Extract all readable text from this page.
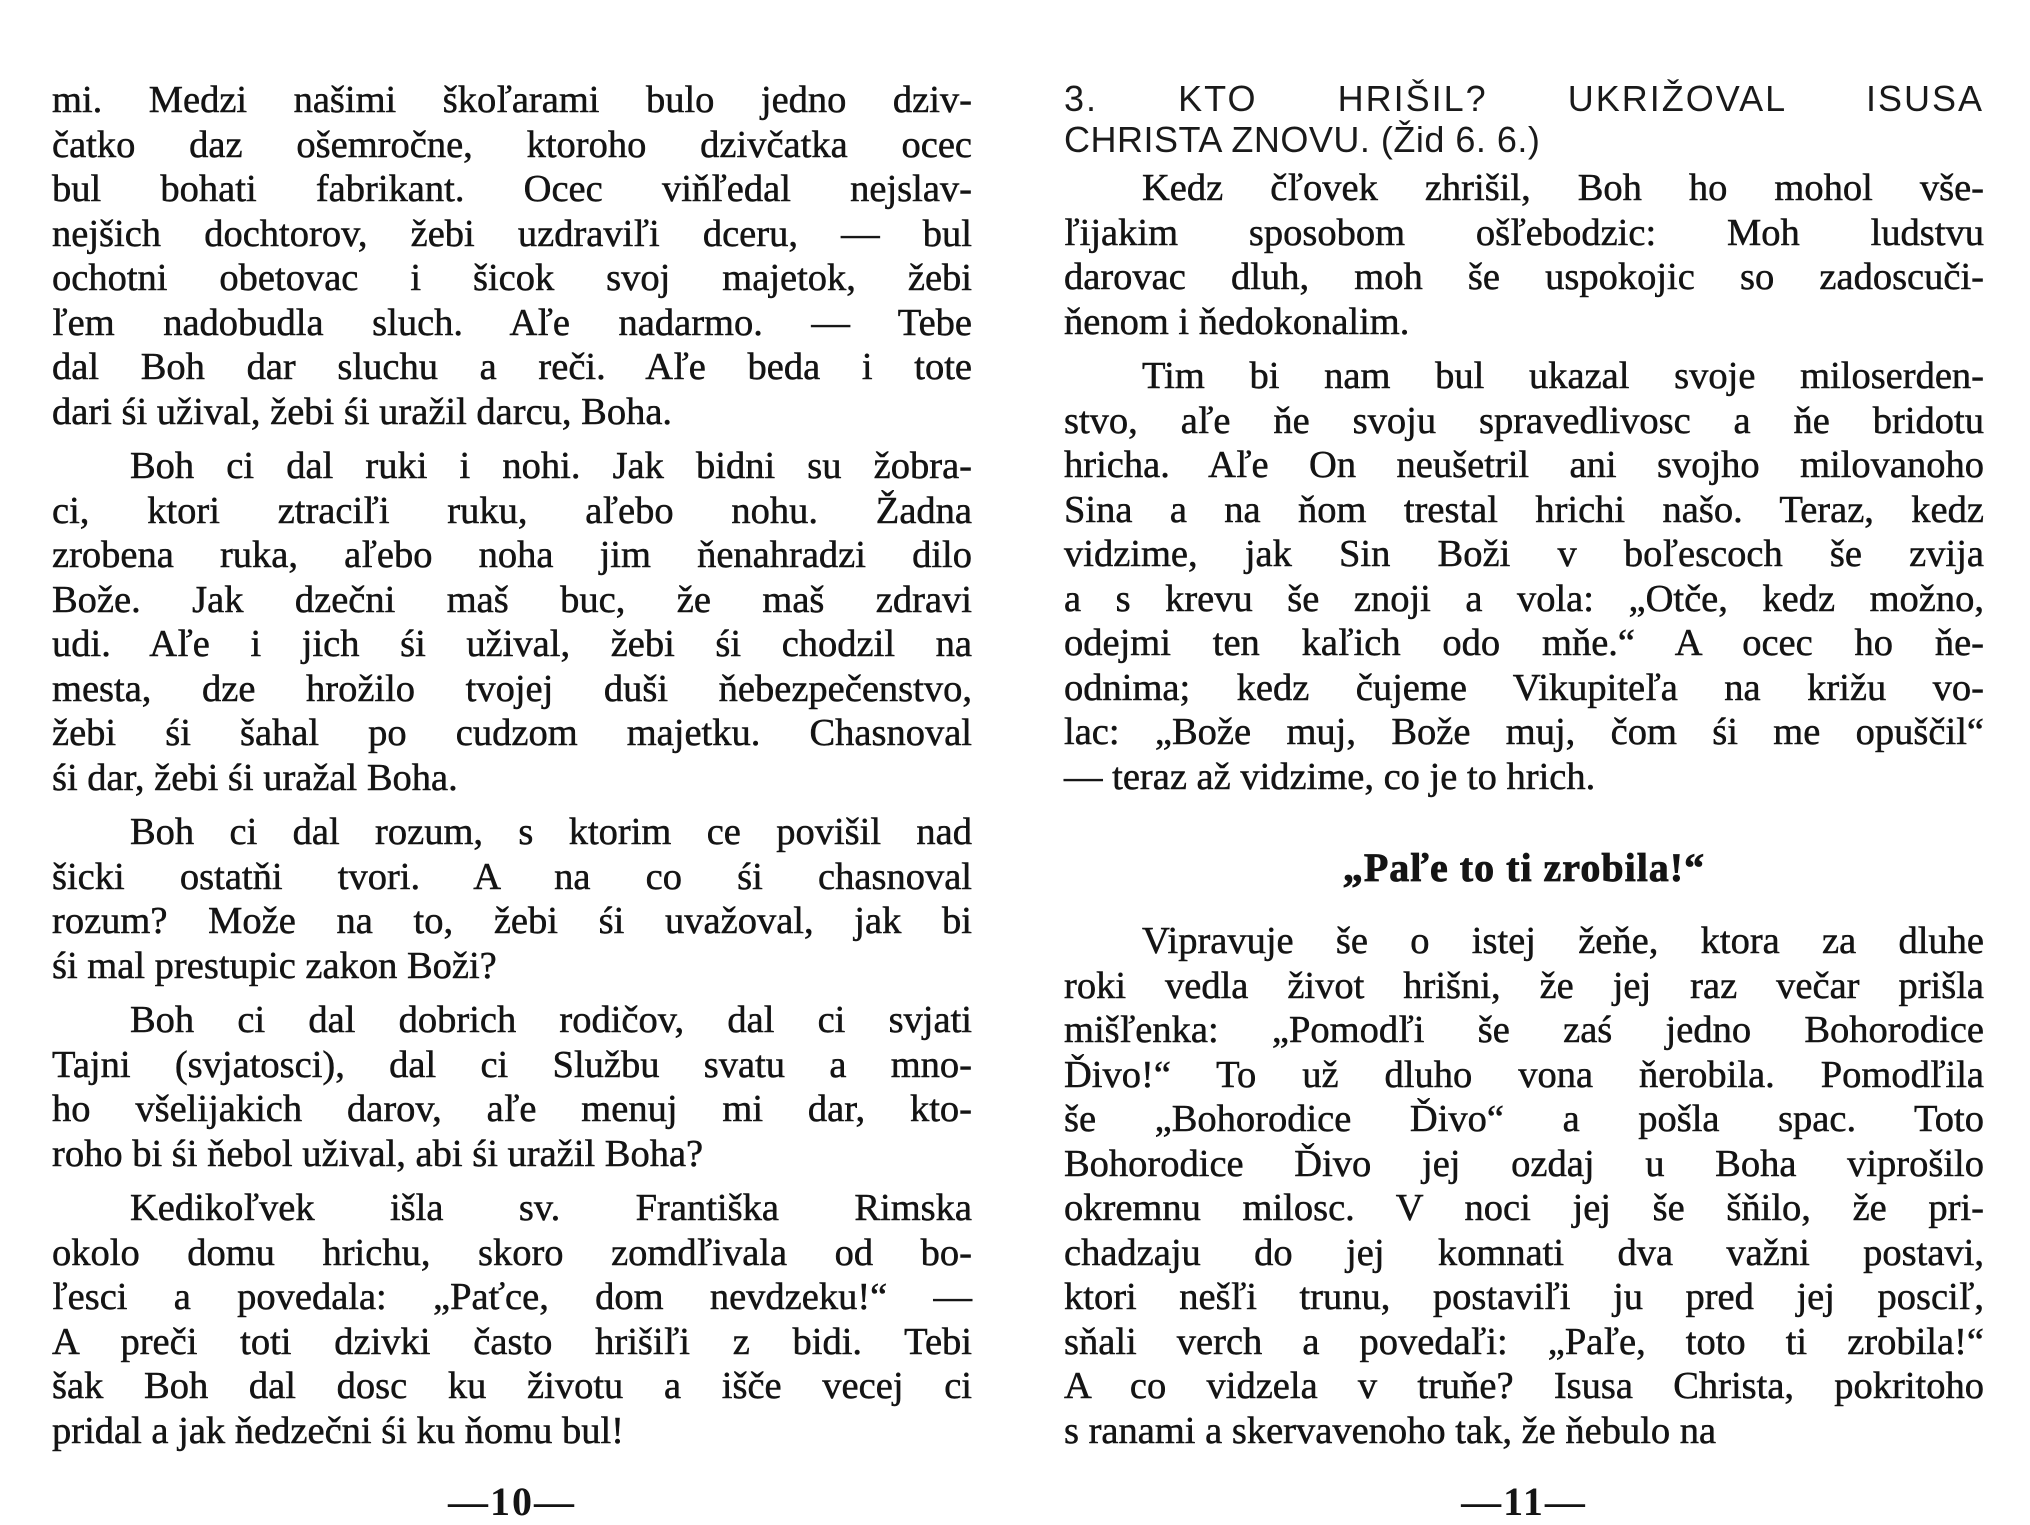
mi. Medzi našimi škoľarami bulo jedno dziv-
čatko daz ošemročne, ktoroho dzivčatka ocec
bul bohati fabrikant. Ocec viňľedal nejslav-
nejšich dochtorov, žebi uzdraviľi dceru, — bul
ochotni obetovac i šicok svoj majetok, žebi
ľem nadobudla sluch. Aľe nadarmo. — Tebe
dal Boh dar sluchu a reči. Aľe beda i tote
dari śi užival, žebi śi uražil darcu, Boha.

Boh ci dal ruki i nohi. Jak bidni su žobra-
ci, ktori ztraciľi ruku, aľebo nohu. Žadna
zrobena ruka, aľebo noha jim ňenahradzi dilo
Bože. Jak dzečni maš buc, že maš zdravi
udi. Aľe i jich śi užival, žebi śi chodzil na
mesta, dze hrožilo tvojej duši ňebezpečenstvo,
žebi śi šahal po cudzom majetku. Chasnoval
śi dar, žebi śi uražal Boha.

Boh ci dal rozum, s ktorim ce povišil nad
šicki ostatňi tvori. A na co śi chasnoval
rozum? Može na to, žebi śi uvažoval, jak bi
śi mal prestupic zakon Boži?

Boh ci dal dobrich rodičov, dal ci svjati
Tajni (svjatosci), dal ci Službu svatu a mno-
ho všelijakich darov, aľe menuj mi dar, kto-
roho bi śi ňebol užival, abi śi uražil Boha?

Kedikoľvek išla sv. Františka Rimska
okolo domu hrichu, skoro zomdľivala od bo-
ľesci a povedala: „Paťce, dom nevdzeku!“ —
A preči toti dzivki často hrišiľi z bidi. Tebi
šak Boh dal dosc ku životu a išče vecej ci
pridal a jak ňedzečni śi ku ňomu bul!

—10—
3. KTO HRIŠIL? UKRIŽOVAL ISUSA
CHRISTA ZNOVU. (Žid 6. 6.)

Kedz čľovek zhrišil, Boh ho mohol vše-
ľijakim sposobom ošľebodzic: Moh ludstvu
darovac dluh, moh še uspokojic so zadoscuči-
ňenom i ňedokonalim.

Tim bi nam bul ukazal svoje miloserden-
stvo, aľe ňe svoju spravedlivosc a ňe bridotu
hricha. Aľe On neušetril ani svojho milovanoho
Sina a na ňom trestal hrichi našo. Teraz, kedz
vidzime, jak Sin Boži v boľescoch še zvija
a s krevu še znoji a vola: „Otče, kedz možno,
odejmi ten kaľich odo mňe.“ A ocec ho ňe-
odnima; kedz čujeme Vikupiteľa na križu vo-
lac: „Bože muj, Bože muj, čom śi me opuščil“
— teraz až vidzime, co je to hrich.

„Paľe to ti zrobila!“

Vipravuje še o istej žeňe, ktora za dluhe
roki vedla život hrišni, že jej raz večar prišla
mišľenka: „Pomodľi še zaś jedno Bohorodice
Ďivo!“ To už dluho vona ňerobila. Pomodľila
še „Bohorodice Ďivo“ a pošla spac. Toto
Bohorodice Ďivo jej ozdaj u Boha viprošilo
okremnu milosc. V noci jej še šňilo, že pri-
chadzaju do jej komnati dva važni postavi,
ktori nešľi trunu, postaviľi ju pred jej posciľ,
sňali verch a povedaľi: „Paľe, toto ti zrobila!“
A co vidzela v truňe? Isusa Christa, pokritoho
s ranami a skervavenoho tak, že ňebulo na

—11—
